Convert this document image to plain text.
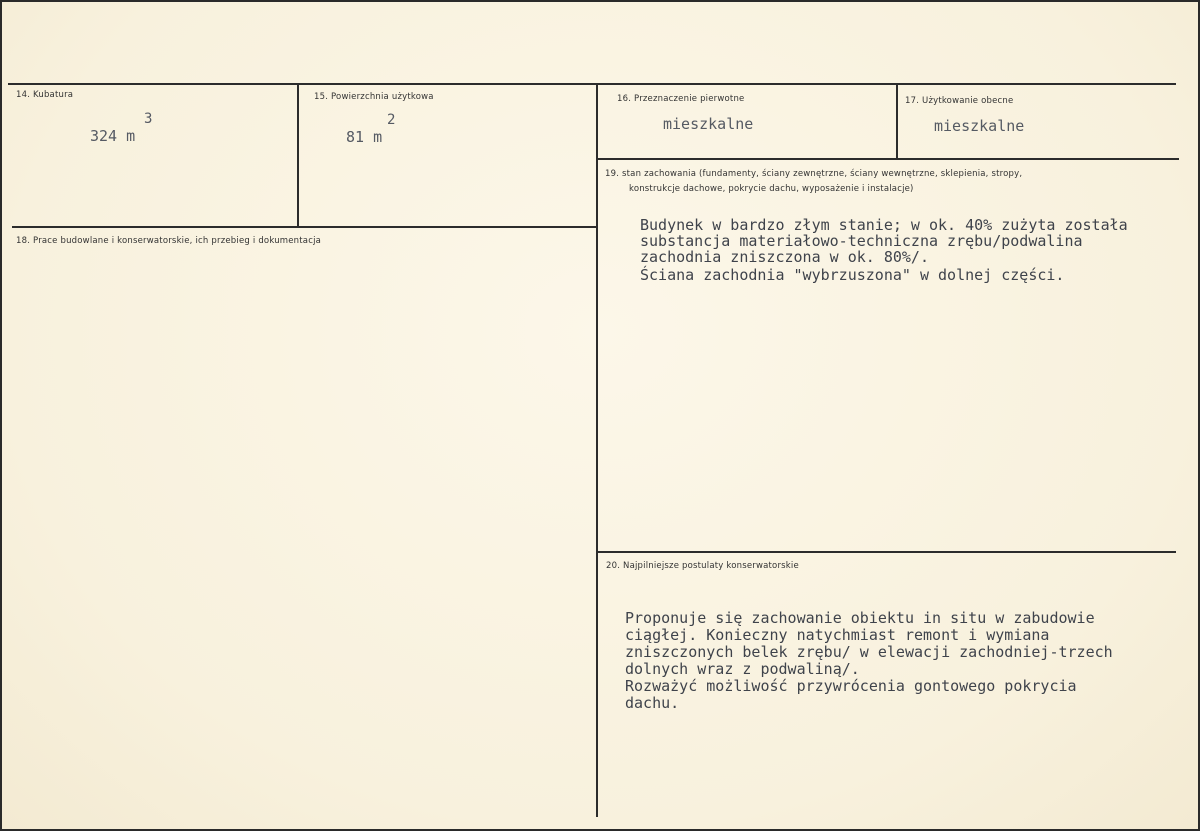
14. Kubatura
3
324 m
15. Powierzchnia użytkowa
2
81 m
16. Przeznaczenie pierwotne
mieszkalne
17. Użytkowanie obecne
mieszkalne
18. Prace budowlane i konserwatorskie, ich przebieg i dokumentacja
19. stan zachowania (fundamenty, ściany zewnętrzne, ściany wewnętrzne, sklepienia, stropy,
konstrukcje dachowe, pokrycie dachu, wyposażenie i instalacje)
Budynek w bardzo złym stanie; w ok. 40% zużyta została
substancja materiałowo-techniczna zrębu/podwalina
zachodnia zniszczona w ok. 80%/.
Ściana zachodnia "wybrzuszona" w dolnej części.
20. Najpilniejsze postulaty konserwatorskie
Proponuje się zachowanie obiektu in situ w zabudowie
ciągłej. Konieczny natychmiast remont i wymiana
zniszczonych belek zrębu/ w elewacji zachodniej-trzech
dolnych wraz z podwaliną/.
Rozważyć możliwość przywrócenia gontowego pokrycia
dachu.
